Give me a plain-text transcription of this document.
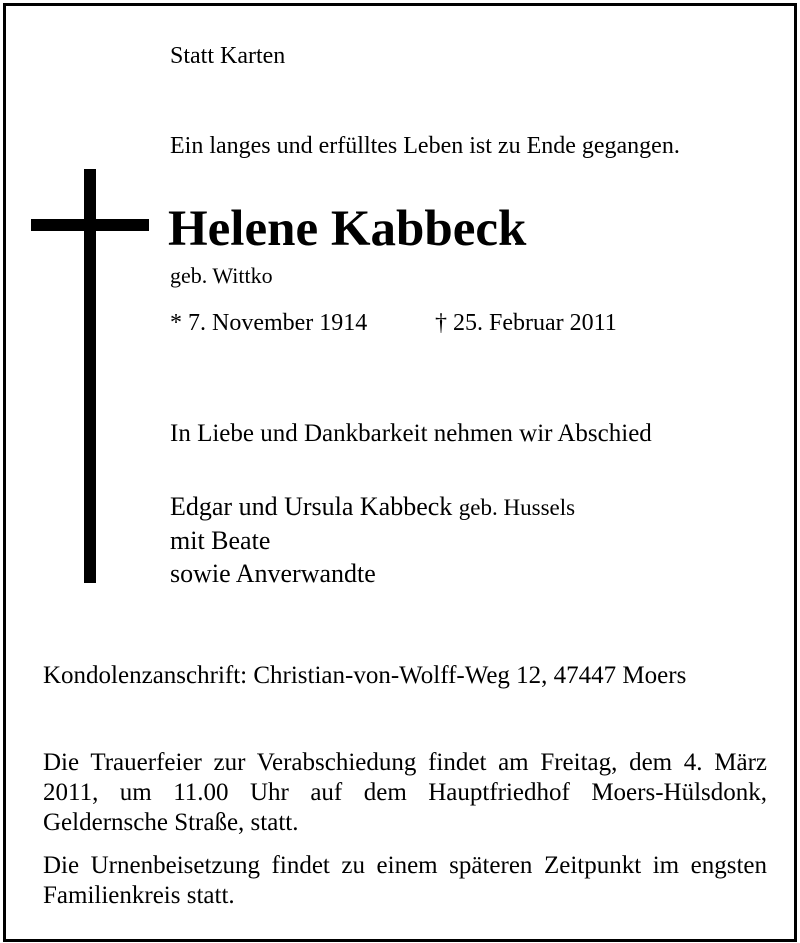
Statt Karten

Ein langes und erfülltes Leben ist zu Ende gegangen.

Helene Kabbeck

geb. Wittko

* 7. November 1914	† 25. Februar 2011

In Liebe und Dankbarkeit nehmen wir Abschied

Edgar und Ursula Kabbeck geb. Hussels
mit Beate
sowie Anverwandte

Kondolenzanschrift: Christian-von-Wolff-Weg 12, 47447 Moers

Die Trauerfeier zur Verabschiedung findet am Freitag, dem 4. März 2011, um 11.00 Uhr auf dem Hauptfriedhof Moers-Hülsdonk, Geldernsche Straße, statt.

Die Urnenbeisetzung findet zu einem späteren Zeitpunkt im engsten Familienkreis statt.
